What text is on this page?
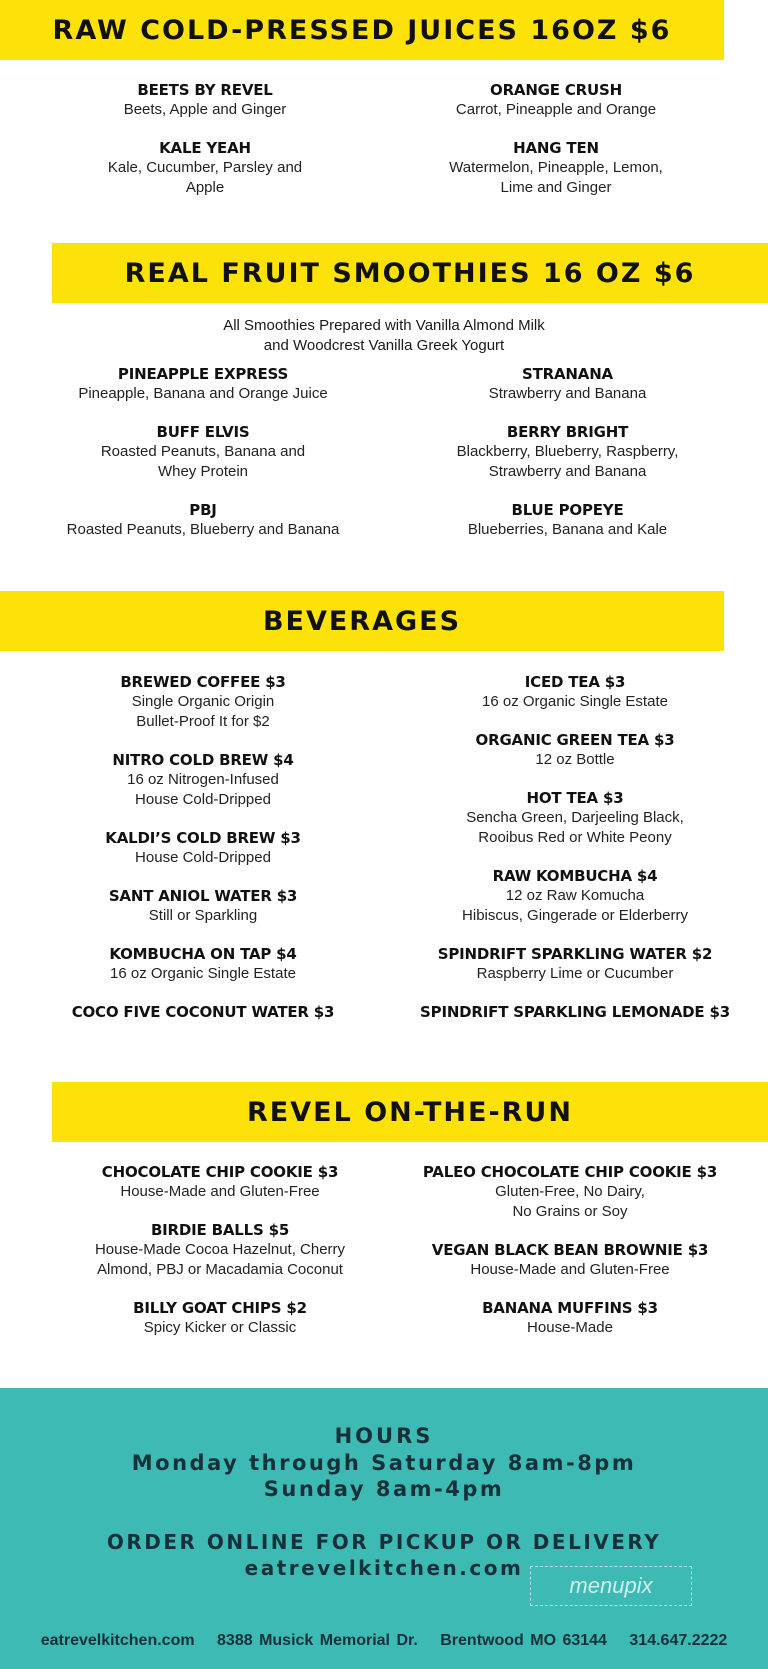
RAW COLD-PRESSED JUICES 16OZ $6
BEETS BY REVEL
Beets, Apple and Ginger
KALE YEAH
Kale, Cucumber, Parsley and
Apple
ORANGE CRUSH
Carrot, Pineapple and Orange
HANG TEN
Watermelon, Pineapple, Lemon,
Lime and Ginger
REAL FRUIT SMOOTHIES 16 OZ $6
All Smoothies Prepared with Vanilla Almond Milk
and Woodcrest Vanilla Greek Yogurt
PINEAPPLE EXPRESS
Pineapple, Banana and Orange Juice
BUFF ELVIS
Roasted Peanuts, Banana and
Whey Protein
PBJ
Roasted Peanuts, Blueberry and Banana
STRANANA
Strawberry and Banana
BERRY BRIGHT
Blackberry, Blueberry, Raspberry,
Strawberry and Banana
BLUE POPEYE
Blueberries, Banana and Kale
BEVERAGES
BREWED COFFEE $3
Single Organic Origin
Bullet-Proof It for $2
NITRO COLD BREW $4
16 oz Nitrogen-Infused
House Cold-Dripped
KALDI’S COLD BREW $3
House Cold-Dripped
SANT ANIOL WATER $3
Still or Sparkling
KOMBUCHA ON TAP $4
16 oz Organic Single Estate
COCO FIVE COCONUT WATER $3
ICED TEA $3
16 oz Organic Single Estate
ORGANIC GREEN TEA $3
12 oz Bottle
HOT TEA $3
Sencha Green, Darjeeling Black,
Rooibus Red or White Peony
RAW KOMBUCHA $4
12 oz Raw Komucha
Hibiscus, Gingerade or Elderberry
SPINDRIFT SPARKLING WATER $2
Raspberry Lime or Cucumber
SPINDRIFT SPARKLING LEMONADE $3
REVEL ON-THE-RUN
CHOCOLATE CHIP COOKIE $3
House-Made and Gluten-Free
BIRDIE BALLS $5
House-Made Cocoa Hazelnut, Cherry
Almond, PBJ or Macadamia Coconut
BILLY GOAT CHIPS $2
Spicy Kicker or Classic
PALEO CHOCOLATE CHIP COOKIE $3
Gluten-Free, No Dairy,
No Grains or Soy
VEGAN BLACK BEAN BROWNIE $3
House-Made and Gluten-Free
BANANA MUFFINS $3
House-Made
HOURS
Monday through Saturday 8am-8pm
Sunday 8am-4pm
ORDER ONLINE FOR PICKUP OR DELIVERY
eatrevelkitchen.com
menupix
eatrevelkitchen.com 8388 Musick Memorial Dr. Brentwood MO 63144 314.647.2222
